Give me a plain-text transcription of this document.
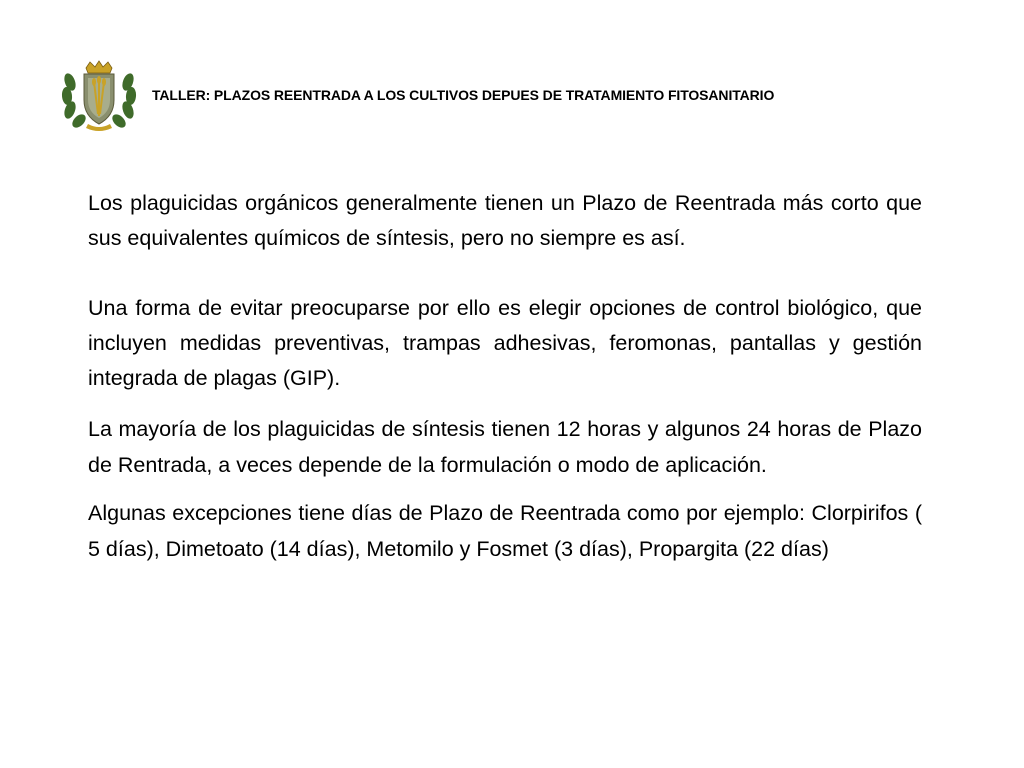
TALLER: PLAZOS REENTRADA A LOS CULTIVOS DEPUES DE TRATAMIENTO FITOSANITARIO

Los plaguicidas orgánicos generalmente tienen un Plazo de Reentrada más corto que sus equivalentes químicos de síntesis, pero no siempre es así.

Una forma de evitar preocuparse por ello es elegir opciones de control biológico, que incluyen medidas preventivas, trampas adhesivas, feromonas, pantallas y gestión integrada de plagas (GIP).

La mayoría de los plaguicidas de síntesis tienen 12 horas y algunos 24 horas de Plazo de Rentrada, a veces depende de la formulación o modo de aplicación.

Algunas excepciones tiene días de Plazo de Reentrada como por ejemplo: Clorpirifos ( 5 días), Dimetoato (14 días), Metomilo y Fosmet (3 días), Propargita (22 días)
